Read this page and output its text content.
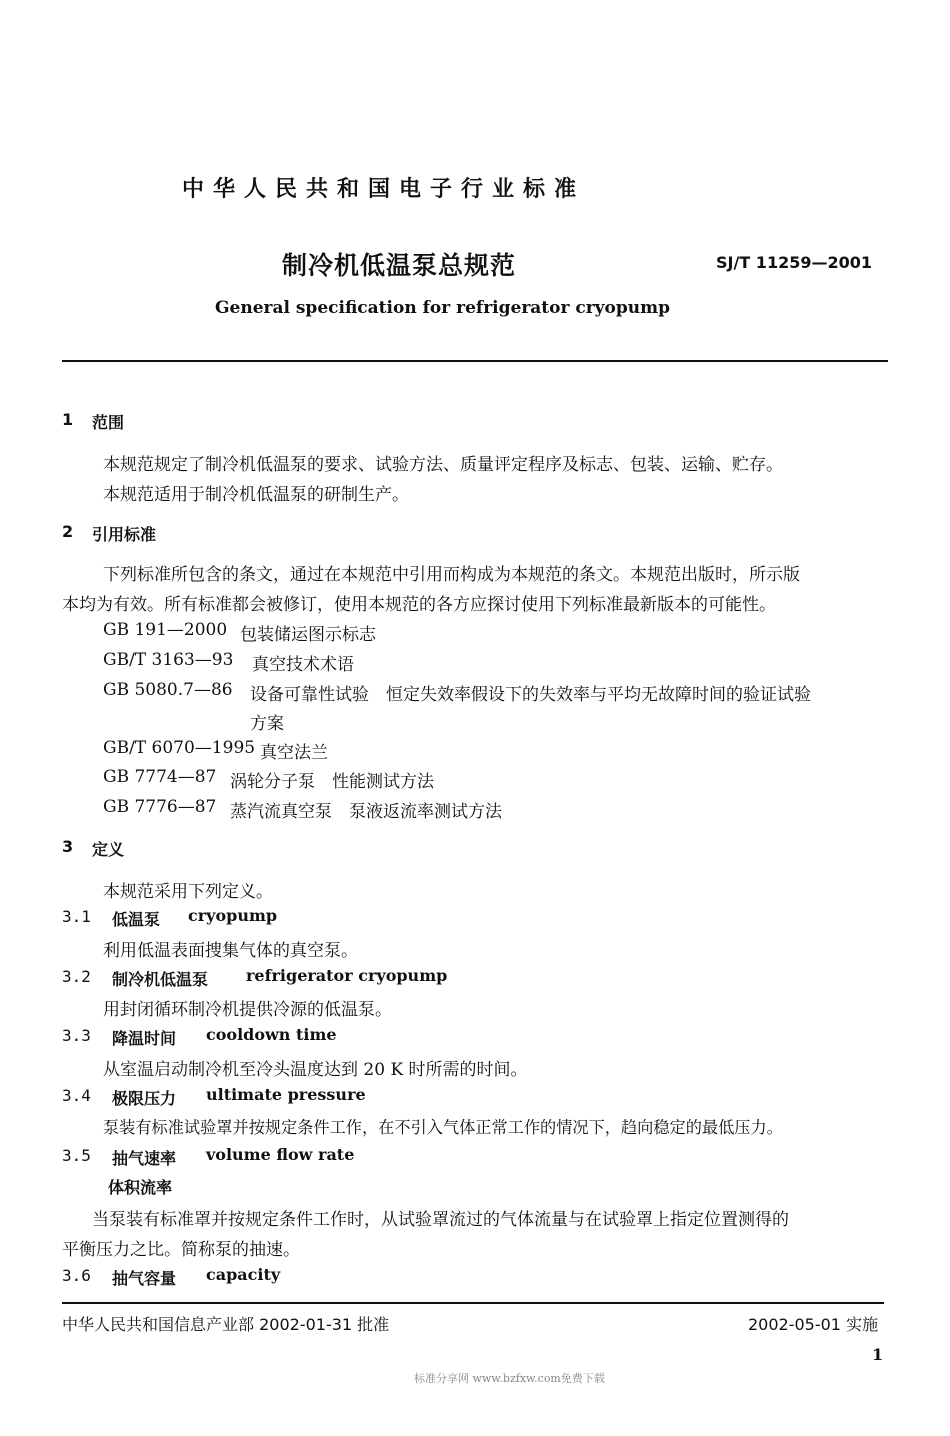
中华人民共和国电子行业标准
制冷机低温泵总规范	SJ/T 11259—2001
General specification for refrigerator cryopump
1 范围
本规范规定了制冷机低温泵的要求、试验方法、质量评定程序及标志、包装、运输、贮存。
本规范适用于制冷机低温泵的研制生产。
2 引用标准
下列标准所包含的条文，通过在本规范中引用而构成为本规范的条文。本规范出版时，所示版
本均为有效。所有标准都会被修订，使用本规范的各方应探讨使用下列标准最新版本的可能性。
GB 191—2000 包装储运图示标志
GB/T 3163—93 真空技术术语
GB 5080.7—86 设备可靠性试验　恒定失效率假设下的失效率与平均无故障时间的验证试验
方案
GB/T 6070—1995 真空法兰
GB 7774—87 涡轮分子泵　性能测试方法
GB 7776—87 蒸汽流真空泵　泵液返流率测试方法
3 定义
本规范采用下列定义。
3.1 低温泵 cryopump
利用低温表面捜集气体的真空泵。
3.2 制冷机低温泵 refrigerator cryopump
用封闭循环制冷机提供冷源的低温泵。
3.3 降温时间 cooldown time
从室温启动制冷机至冷头温度达到 20 K 时所需的时间。
3.4 极限压力 ultimate pressure
泵装有标准试验罩并按规定条件工作，在不引入气体正常工作的情况下，趋向稳定的最低压力。
3.5 抽气速率 volume flow rate
体积流率
当泵装有标准罩并按规定条件工作时，从试验罩流过的气体流量与在试验罩上指定位置测得的
平衡压力之比。简称泵的抽速。
3.6 抽气容量 capacity
中华人民共和国信息产业部 2002-01-31 批准	2002-05-01 实施
1
标准分享网 www.bzfxw.com免费下载
